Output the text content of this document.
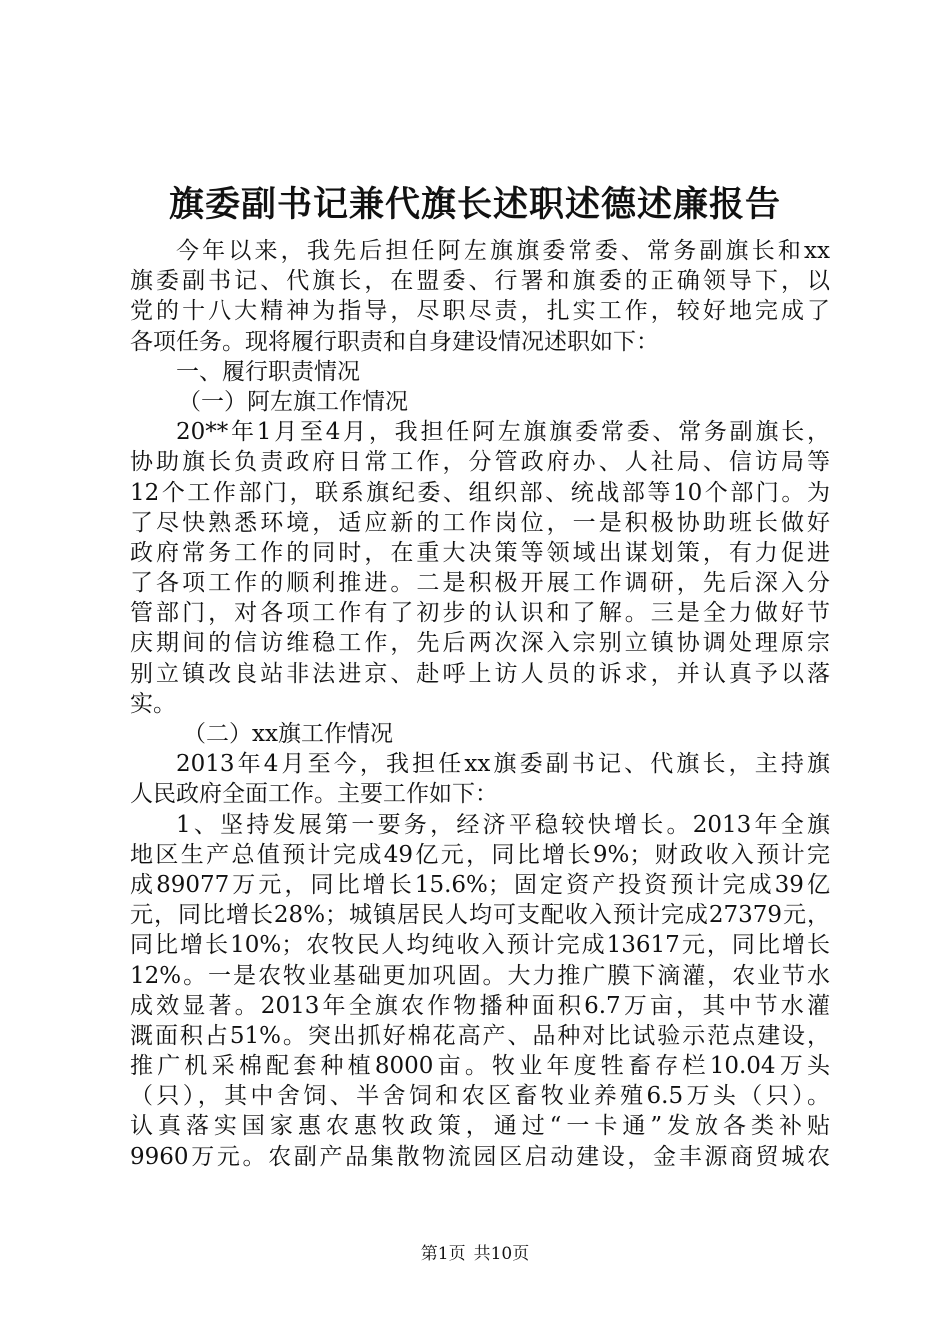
旗委副书记兼代旗长述职述德述廉报告
今年以来，我先后担任阿左旗旗委常委、常务副旗长和xx
旗委副书记、代旗长，在盟委、行署和旗委的正确领导下，以
党的十八大精神为指导，尽职尽责，扎实工作，较好地完成了
各项任务。现将履行职责和自身建设情况述职如下：
一、履行职责情况
（一）阿左旗工作情况
20**年1月至4月，我担任阿左旗旗委常委、常务副旗长，
协助旗长负责政府日常工作，分管政府办、人社局、信访局等
12个工作部门，联系旗纪委、组织部、统战部等10个部门。为
了尽快熟悉环境，适应新的工作岗位，一是积极协助班长做好
政府常务工作的同时，在重大决策等领域出谋划策，有力促进
了各项工作的顺利推进。二是积极开展工作调研，先后深入分
管部门，对各项工作有了初步的认识和了解。三是全力做好节
庆期间的信访维稳工作，先后两次深入宗别立镇协调处理原宗
别立镇改良站非法进京、赴呼上访人员的诉求，并认真予以落
实。
（二）xx旗工作情况
2013年4月至今，我担任xx旗委副书记、代旗长，主持旗
人民政府全面工作。主要工作如下：
1、坚持发展第一要务，经济平稳较快增长。2013年全旗
地区生产总值预计完成49亿元，同比增长9%；财政收入预计完
成89077万元，同比增长15.6%；固定资产投资预计完成39亿
元，同比增长28%；城镇居民人均可支配收入预计完成27379元，
同比增长10%；农牧民人均纯收入预计完成13617元，同比增长
12%。一是农牧业基础更加巩固。大力推广膜下滴灌，农业节水
成效显著。2013年全旗农作物播种面积6.7万亩，其中节水灌
溉面积占51%。突出抓好棉花高产、品种对比试验示范点建设，
推广机采棉配套种植8000亩。牧业年度牲畜存栏10.04万头
（只），其中舍饲、半舍饲和农区畜牧业养殖6.5万头（只）。
认真落实国家惠农惠牧政策，通过“一卡通”发放各类补贴
9960万元。农副产品集散物流园区启动建设，金丰源商贸城农
第1页 共10页
